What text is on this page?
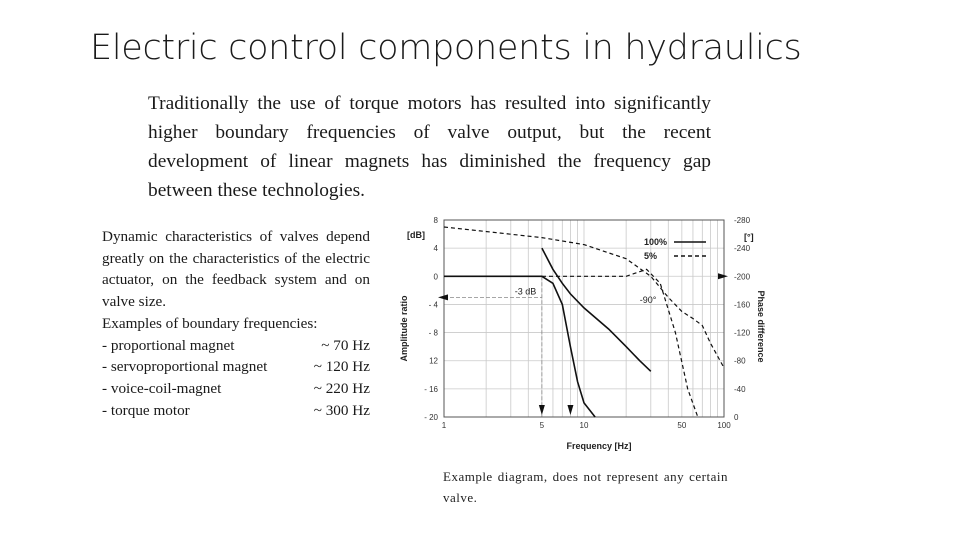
Electric control components in hydraulics
Traditionally the use of torque motors has resulted into significantly higher boundary frequencies of valve output, but the recent development of linear magnets has diminished the frequency gap between these technologies.
Dynamic characteristics of valves depend greatly on the characteristics of the electric actuator, on the feedback system and on valve size.
Examples of boundary frequencies:
- proportional magnet	~ 70 Hz
- servoproportional magnet	~ 120 Hz
- voice-coil-magnet	~ 220 Hz
- torque motor	~ 300 Hz
8
4
0
- 4
- 8
12
- 16
- 20
-280
-240
-200
-160
-120
-80
-40
0
1	5	10	50	100
Frequency [Hz]
[dB]	[°]
Amplitude ratio	Phase difference
-3 dB
-90°
100%
5%
Example diagram, does not represent any certain valve.
